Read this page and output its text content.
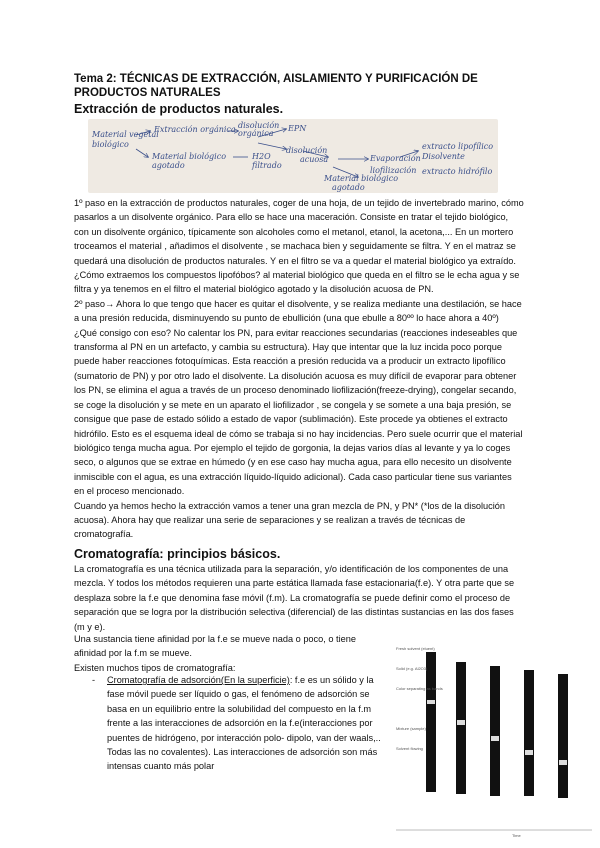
Tema 2: TÉCNICAS DE EXTRACCIÓN, AISLAMIENTO Y PURIFICACIÓN DE PRODUCTOS NATURALES
Extracción de productos naturales.
Material vegetal
biológico
Extracción orgánica disolución
orgánica
EPN
Material biológico
agotado
H2O
filtrado
disolución
acuosa	Evaporación
extracto lipofílico
Disolvente
liofilización extracto hidrófilo
Material biológico
agotado

1º paso en la extracción de productos naturales, coger de una hoja, de un tejido de invertebrado marino, cómo pasarlos a un disolvente orgánico. Para ello se hace una maceración. Consiste en tratar el tejido biológico, con un disolvente orgánico, típicamente son alcoholes como el metanol, etanol, la acetona,... En un mortero troceamos el material , añadimos el disolvente , se machaca bien y seguidamente se filtra. Y en el matraz se quedará una disolución de productos naturales. Y en el filtro se va a quedar el material biológico ya extraído. ¿Cómo extraemos los compuestos lipofóbos? al material biológico que queda en el filtro se le echa agua y se filtra y ya tenemos en el filtro el material biológico agotado y la disolución acuosa de PN.

2º paso→ Ahora lo que tengo que hacer es quitar el disolvente, y se realiza mediante una destilación, se hace a una presión reducida, disminuyendo su punto de ebullición (una que ebulle a 80ºº lo hace ahora a 40º) ¿Qué consigo con eso? No calentar los PN, para evitar reacciones secundarias (reacciones indeseables que transforma al PN en un artefacto, y cambia su estructura). Hay que intentar que la luz incida poco porque puede haber reacciones fotoquímicas. Esta reacción a presión reducida va a producir un extracto lipofílico (sumatorio de PN) y por otro lado el disolvente. La disolución acuosa es muy difícil de evaporar para obtener los PN, se elimina el agua a través de un proceso denominado liofilización(freeze-drying), congelar secando, se coge la disolución y se mete en un aparato el liofilizador , se congela y se somete a una baja presión, se consigue que pase de estado sólido a estado de vapor (sublimación). Este procede ya obtienes el extracto hidrófilo. Esto es el esquema ideal de cómo se trabaja si no hay incidencias. Pero suele ocurrir que el material biológico tenga mucha agua. Por ejemplo el tejido de gorgonia, la dejas varios días al levante y ya lo coges seco, o algunos que se extrae en húmedo (y en ese caso hay mucha agua, para ello necesito un disolvente inmiscible con el agua, es una extracción líquido-líquido adicional). Cada caso particular tiene sus variantes en el proceso mencionado.

Cuando ya hemos hecho la extracción vamos a tener una gran mezcla de PN, y PN* (*los de la disolución acuosa). Ahora hay que realizar una serie de separaciones y se realizan a través de técnicas de cromatografía.

Cromatografía: principios básicos.

La cromatografía es una técnica utilizada para la separación, y/o identificación de los componentes de una mezcla. Y todos los métodos requieren una parte estática llamada fase estacionaria(f.e). Y otra parte que se desplaza sobre la f.e que denomina fase móvil (f.m). La cromatografía se puede definir como el proceso de separación que se logra por la distribución selectiva (diferencial) de las distintas sustancias en las dos fases (m y e).

Una sustancia tiene afinidad por la f.e se mueve nada o poco, o tiene afinidad por la f.m se mueve.

Existen muchos tipos de cromatografía:

- Cromatografía de adsorción(En la superficie): f.e es un sólido y la fase móvil puede ser líquido o gas, el fenómeno de adsorción se basa en un equilibrio entre la solubilidad del compuesto en la f.m frente a las interacciones de adsorción en la f.e(interacciones por puentes de hidrógeno, por interacción polo- dipolo, van der waals,.. Todas las no covalentes). Las interacciones de adsorción son más intensas cuanto más polar
Fresh solvent (eluent)
Solid (e.g. Al2O3)
Color separating as bands
Mixture (sample)
Solvent flowing
Time
